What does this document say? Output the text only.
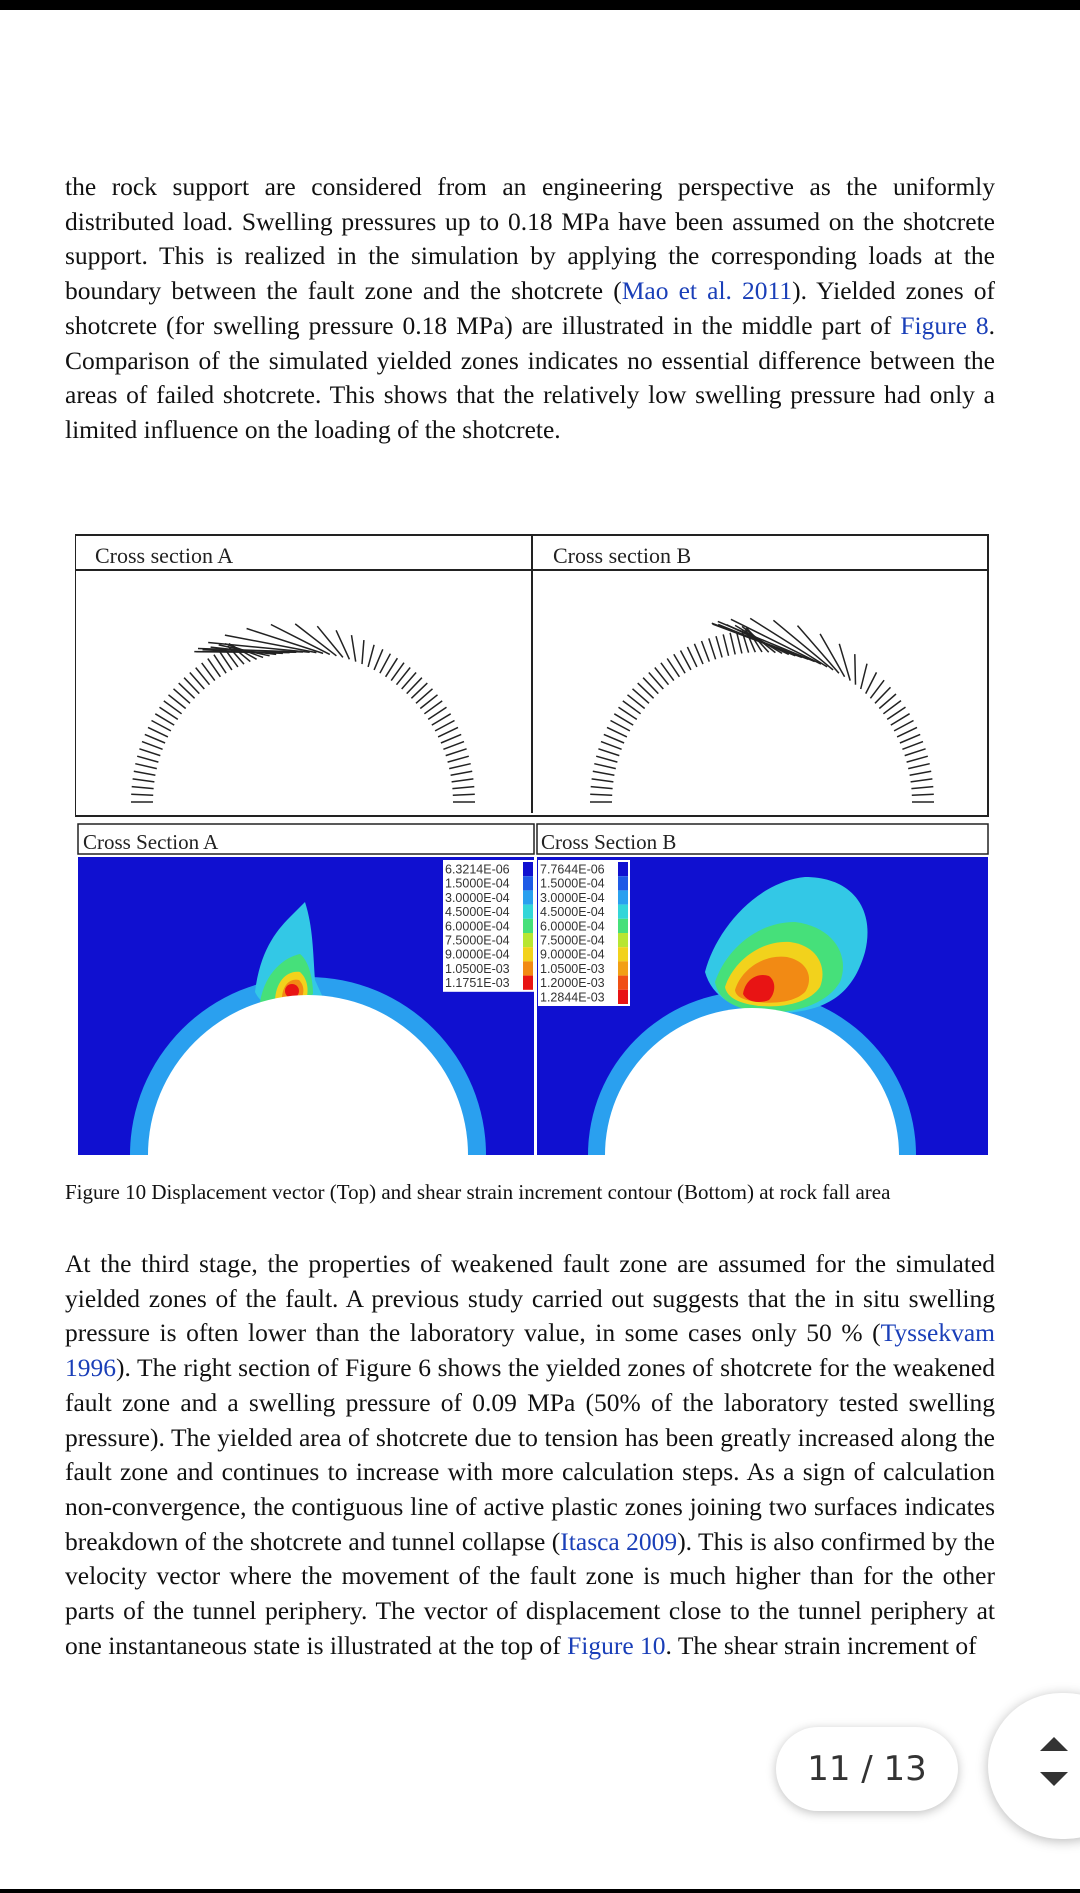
the rock support are considered from an engineering perspective as the uniformly distributed load. Swelling pressures up to 0.18 MPa have been assumed on the shotcrete support. This is realized in the simulation by applying the corresponding loads at the boundary between the fault zone and the shotcrete (Mao et al. 2011). Yielded zones of shotcrete (for swelling pressure 0.18 MPa) are illustrated in the middle part of Figure 8. Comparison of the simulated yielded zones indicates no essential difference between the areas of failed shotcrete. This shows that the relatively low swelling pressure had only a limited influence on the loading of the shotcrete.

Cross section A	Cross section B
Cross Section A	Cross Section B
6.3214E-06
1.5000E-04
3.0000E-04
4.5000E-04
6.0000E-04
7.5000E-04
9.0000E-04
1.0500E-03
1.1751E-03
7.7644E-06
1.5000E-04
3.0000E-04
4.5000E-04
6.0000E-04
7.5000E-04
9.0000E-04
1.0500E-03
1.2000E-03
1.2844E-03

Figure 10 Displacement vector (Top) and shear strain increment contour (Bottom) at rock fall area

At the third stage, the properties of weakened fault zone are assumed for the simulated yielded zones of the fault. A previous study carried out suggests that the in situ swelling pressure is often lower than the laboratory value, in some cases only 50 % (Tyssekvam 1996). The right section of Figure 6 shows the yielded zones of shotcrete for the weakened fault zone and a swelling pressure of 0.09 MPa (50% of the laboratory tested swelling pressure). The yielded area of shotcrete due to tension has been greatly increased along the fault zone and continues to increase with more calculation steps. As a sign of calculation non-convergence, the contiguous line of active plastic zones joining two surfaces indicates breakdown of the shotcrete and tunnel collapse (Itasca 2009). This is also confirmed by the velocity vector where the movement of the fault zone is much higher than for the other parts of the tunnel periphery. The vector of displacement close to the tunnel periphery at one instantaneous state is illustrated at the top of Figure 10. The shear strain increment of

11 / 13
